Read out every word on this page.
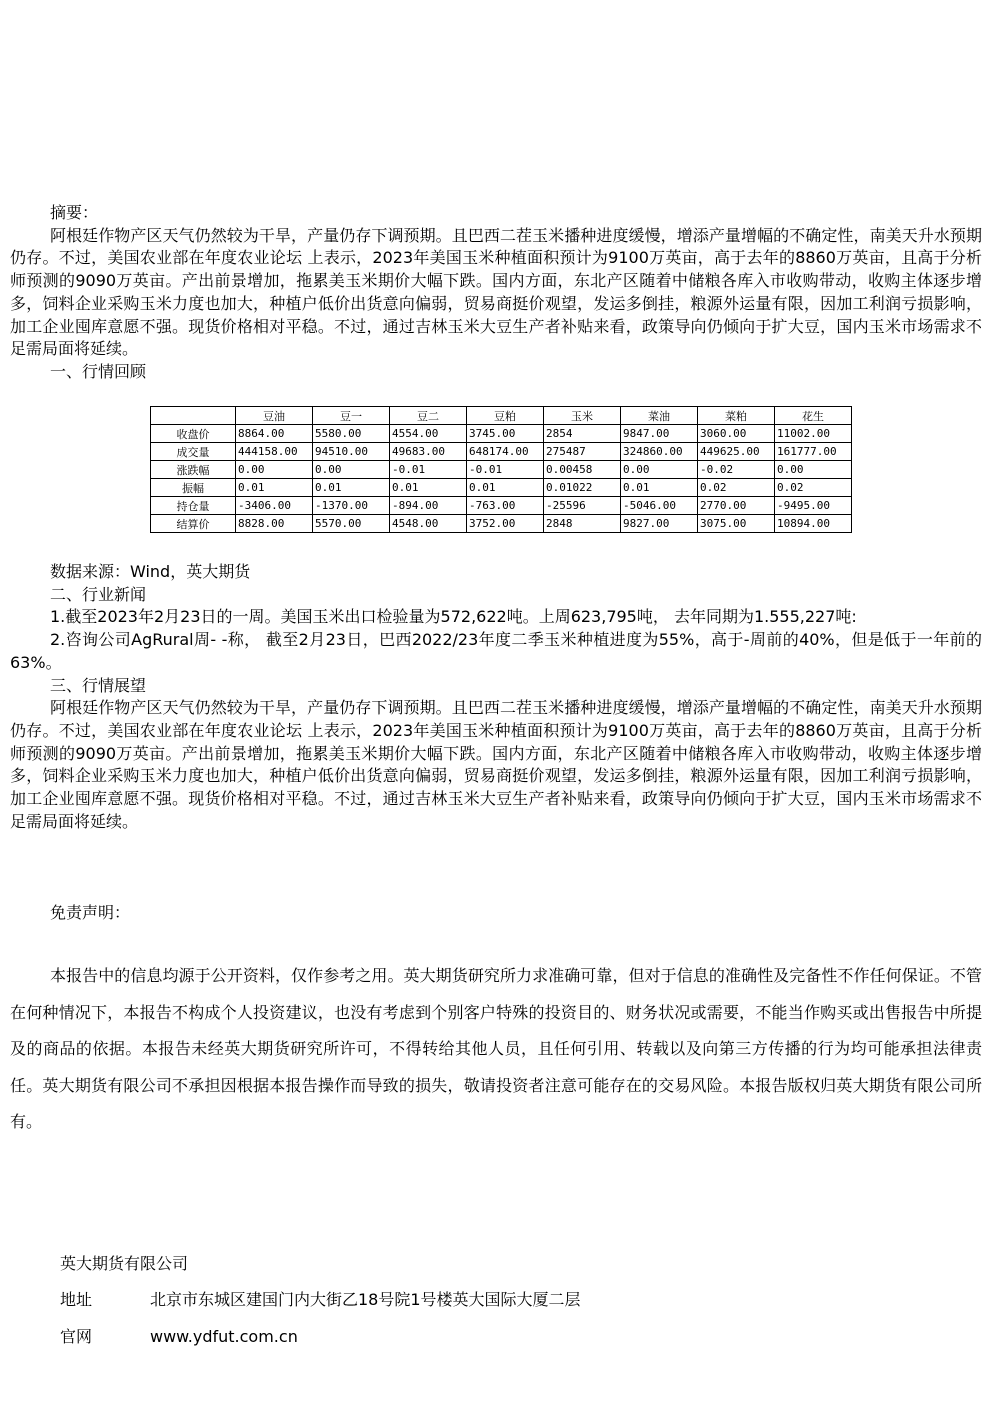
摘要：

阿根廷作物产区天气仍然较为干旱，产量仍存下调预期。且巴西二茬玉米播种进度缓慢，增添产量增幅的不确定性，南美天升水预期仍存。不过，美国农业部在年度农业论坛 上表示，2023年美国玉米种植面积预计为9100万英亩，高于去年的8860万英亩，且高于分析师预测的9090万英亩。产出前景增加，拖累美玉米期价大幅下跌。国内方面，东北产区随着中储粮各库入市收购带动，收购主体逐步增多，饲料企业采购玉米力度也加大，种植户低价出货意向偏弱，贸易商挺价观望，发运多倒挂，粮源外运量有限，因加工利润亏损影响，加工企业囤库意愿不强。现货价格相对平稳。不过，通过吉林玉米大豆生产者补贴来看，政策导向仍倾向于扩大豆，国内玉米市场需求不足需局面将延续。

一、行情回顾

	豆油	豆一	豆二	豆粕	玉米	菜油	菜粕	花生
收盘价	8864.00	5580.00	4554.00	3745.00	2854	9847.00	3060.00	11002.00
成交量	444158.00	94510.00	49683.00	648174.00	275487	324860.00	449625.00	161777.00
涨跌幅	0.00	0.00	-0.01	-0.01	0.00458	0.00	-0.02	0.00
振幅	0.01	0.01	0.01	0.01	0.01022	0.01	0.02	0.02
持仓量	-3406.00	-1370.00	-894.00	-763.00	-25596	-5046.00	2770.00	-9495.00
结算价	8828.00	5570.00	4548.00	3752.00	2848	9827.00	3075.00	10894.00

数据来源：Wind，英大期货

二、行业新闻

1.截至2023年2月23日的一周。美国玉米出口检验量为572,622吨。上周623,795吨， 去年同期为1.555,227吨:

2.咨询公司AgRural周- -称， 截至2月23日，巴西2022/23年度二季玉米种植进度为55%，高于-周前的40%，但是低于一年前的63%。

三、行情展望

阿根廷作物产区天气仍然较为干旱，产量仍存下调预期。且巴西二茬玉米播种进度缓慢，增添产量增幅的不确定性，南美天升水预期仍存。不过，美国农业部在年度农业论坛 上表示，2023年美国玉米种植面积预计为9100万英亩，高于去年的8860万英亩，且高于分析师预测的9090万英亩。产出前景增加，拖累美玉米期价大幅下跌。国内方面，东北产区随着中储粮各库入市收购带动，收购主体逐步增多，饲料企业采购玉米力度也加大，种植户低价出货意向偏弱，贸易商挺价观望，发运多倒挂，粮源外运量有限，因加工利润亏损影响，加工企业囤库意愿不强。现货价格相对平稳。不过，通过吉林玉米大豆生产者补贴来看，政策导向仍倾向于扩大豆，国内玉米市场需求不足需局面将延续。

免责声明：

本报告中的信息均源于公开资料，仅作参考之用。英大期货研究所力求准确可靠，但对于信息的准确性及完备性不作任何保证。不管在何种情况下，本报告不构成个人投资建议，也没有考虑到个别客户特殊的投资目的、财务状况或需要，不能当作购买或出售报告中所提及的商品的依据。本报告未经英大期货研究所许可，不得转给其他人员，且任何引用、转载以及向第三方传播的行为均可能承担法律责任。英大期货有限公司不承担因根据本报告操作而导致的损失，敬请投资者注意可能存在的交易风险。本报告版权归英大期货有限公司所有。

英大期货有限公司
地址	北京市东城区建国门内大街乙18号院1号楼英大国际大厦二层
官网	www.ydfut.com.cn
